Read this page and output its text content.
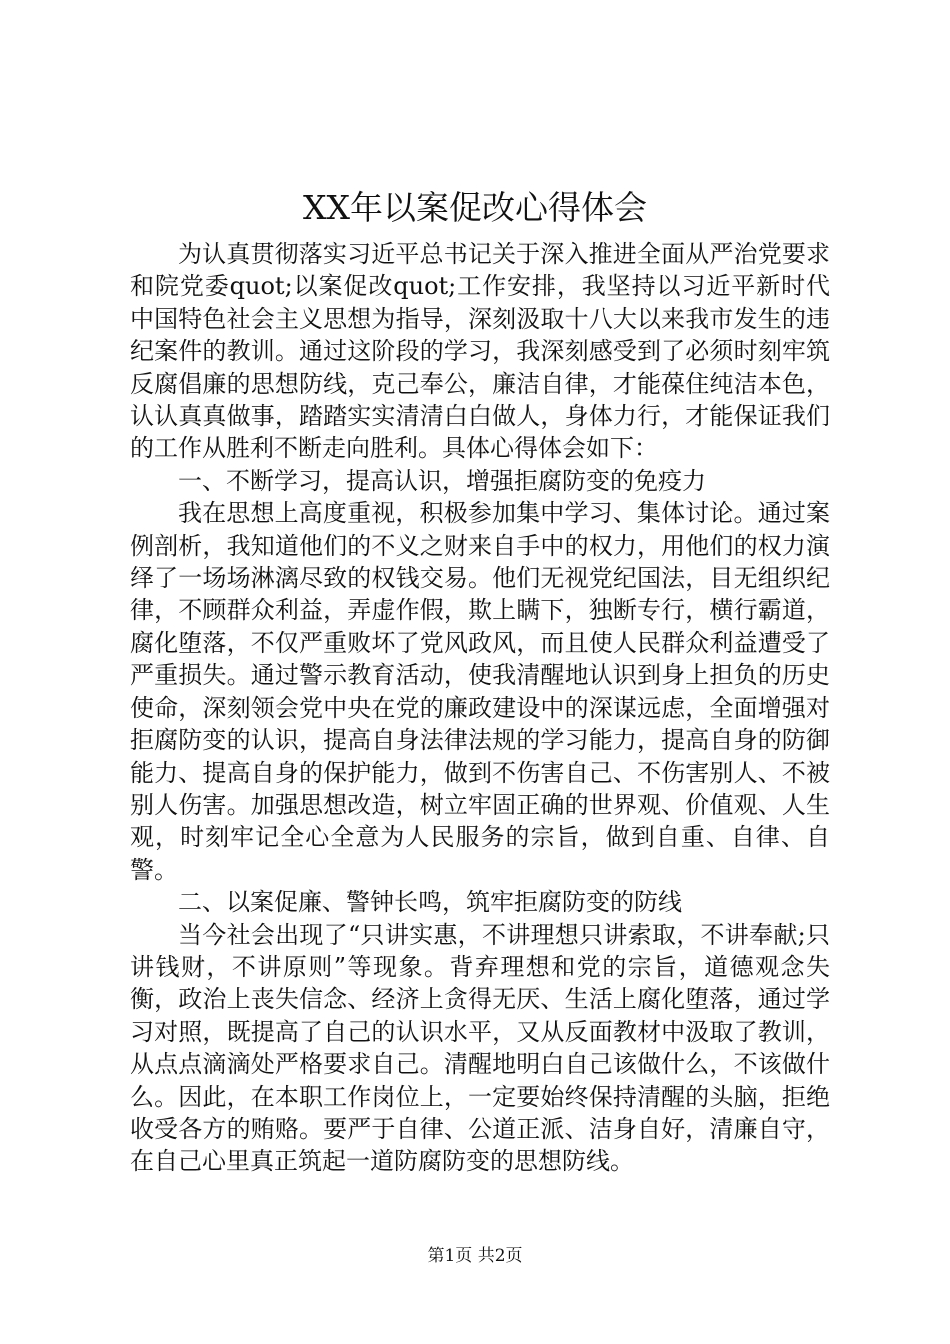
XX年以案促改心得体会

为认真贯彻落实习近平总书记关于深入推进全面从严治党要求和院党委quot;以案促改quot;工作安排，我坚持以习近平新时代中国特色社会主义思想为指导，深刻汲取十八大以来我市发生的违纪案件的教训。通过这阶段的学习，我深刻感受到了必须时刻牢筑反腐倡廉的思想防线，克己奉公，廉洁自律，才能葆住纯洁本色，认认真真做事，踏踏实实清清白白做人，身体力行，才能保证我们的工作从胜利不断走向胜利。具体心得体会如下：

一、不断学习，提高认识，增强拒腐防变的免疫力

我在思想上高度重视，积极参加集中学习、集体讨论。通过案例剖析，我知道他们的不义之财来自手中的权力，用他们的权力演绎了一场场淋漓尽致的权钱交易。他们无视党纪国法，目无组织纪律，不顾群众利益，弄虚作假，欺上瞒下，独断专行，横行霸道，腐化堕落，不仅严重败坏了党风政风，而且使人民群众利益遭受了严重损失。通过警示教育活动，使我清醒地认识到身上担负的历史使命，深刻领会党中央在党的廉政建设中的深谋远虑，全面增强对拒腐防变的认识，提高自身法律法规的学习能力，提高自身的防御能力、提高自身的保护能力，做到不伤害自己、不伤害别人、不被别人伤害。加强思想改造，树立牢固正确的世界观、价值观、人生观，时刻牢记全心全意为人民服务的宗旨，做到自重、自律、自警。

二、以案促廉、警钟长鸣，筑牢拒腐防变的防线

当今社会出现了“只讲实惠，不讲理想只讲索取，不讲奉献;只讲钱财，不讲原则”等现象。背弃理想和党的宗旨，道德观念失衡，政治上丧失信念、经济上贪得无厌、生活上腐化堕落，通过学习对照，既提高了自己的认识水平，又从反面教材中汲取了教训，从点点滴滴处严格要求自己。清醒地明白自己该做什么，不该做什么。因此，在本职工作岗位上，一定要始终保持清醒的头脑，拒绝收受各方的贿赂。要严于自律、公道正派、洁身自好，清廉自守，在自己心里真正筑起一道防腐防变的思想防线。

第1页 共2页
